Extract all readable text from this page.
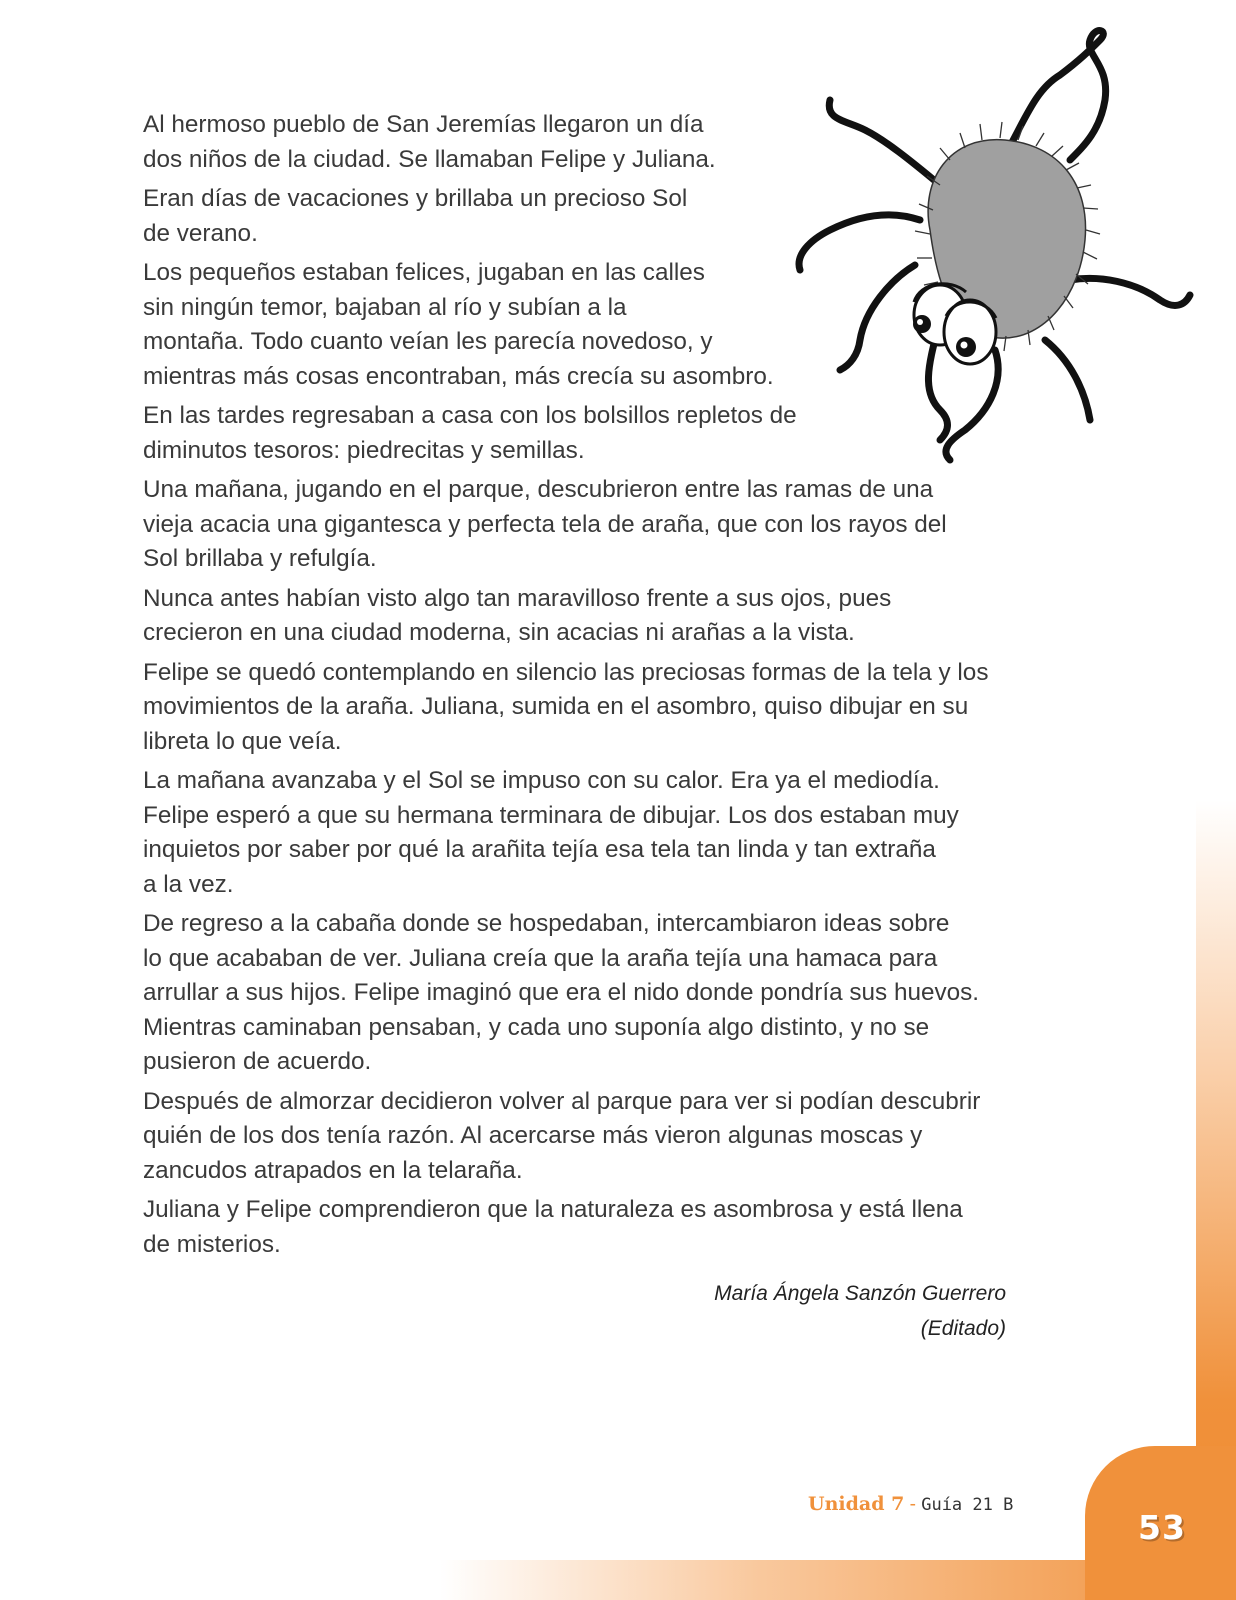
Al hermoso pueblo de San Jeremías llegaron un día
dos niños de la ciudad. Se llamaban Felipe y Juliana.

Eran días de vacaciones y brillaba un precioso Sol
de verano.

Los pequeños estaban felices, jugaban en las calles
sin ningún temor, bajaban al río y subían a la
montaña. Todo cuanto veían les parecía novedoso, y
mientras más cosas encontraban, más crecía su asombro.

En las tardes regresaban a casa con los bolsillos repletos de
diminutos tesoros: piedrecitas y semillas.

Una mañana, jugando en el parque, descubrieron entre las ramas de una
vieja acacia una gigantesca y perfecta tela de araña, que con los rayos del
Sol brillaba y refulgía.

Nunca antes habían visto algo tan maravilloso frente a sus ojos, pues
crecieron en una ciudad moderna, sin acacias ni arañas a la vista.

Felipe se quedó contemplando en silencio las preciosas formas de la tela y los
movimientos de la araña. Juliana, sumida en el asombro, quiso dibujar en su
libreta lo que veía.

La mañana avanzaba y el Sol se impuso con su calor. Era ya el mediodía.
Felipe esperó a que su hermana terminara de dibujar. Los dos estaban muy
inquietos por saber por qué la arañita tejía esa tela tan linda y tan extraña
a la vez.

De regreso a la cabaña donde se hospedaban, intercambiaron ideas sobre
lo que acababan de ver. Juliana creía que la araña tejía una hamaca para
arrullar a sus hijos. Felipe imaginó que era el nido donde pondría sus huevos.
Mientras caminaban pensaban, y cada uno suponía algo distinto, y no se
pusieron de acuerdo.

Después de almorzar decidieron volver al parque para ver si podían descubrir
quién de los dos tenía razón. Al acercarse más vieron algunas moscas y
zancudos atrapados en la telaraña.

Juliana y Felipe comprendieron que la naturaleza es asombrosa y está llena
de misterios.

María Ángela Sanzón Guerrero
(Editado)
Unidad 7 - Guía 21 B
53
